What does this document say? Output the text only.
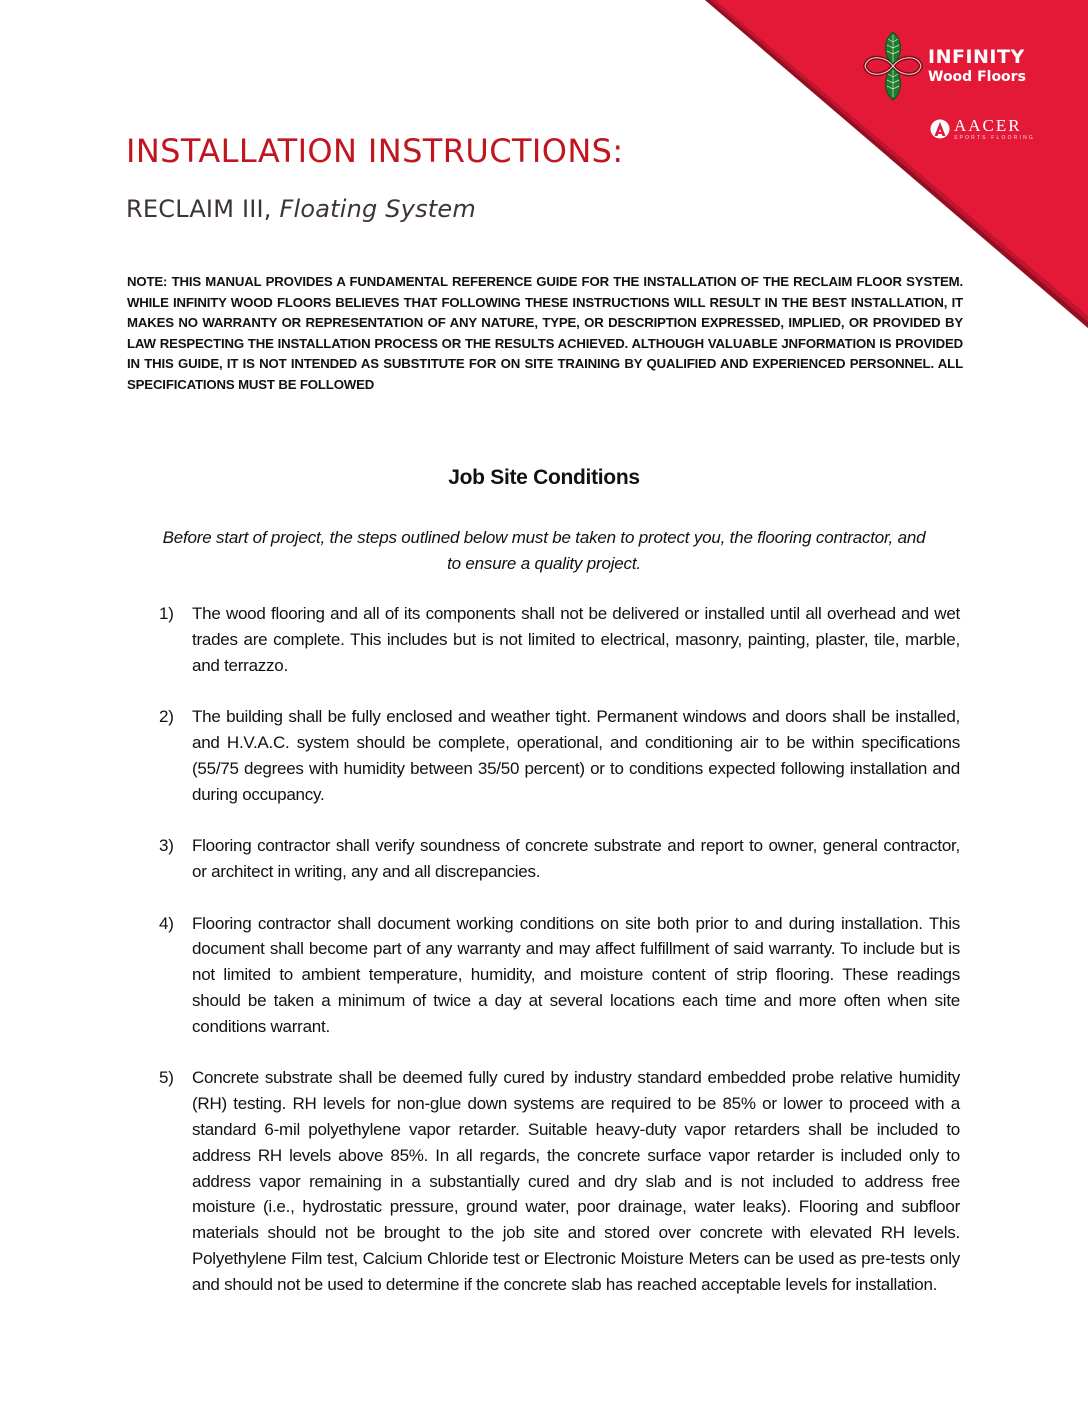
INFINITY
Wood Floors
AACER
SPORTS FLOORING
INSTALLATION INSTRUCTIONS:
RECLAIM III, Floating System

NOTE: THIS MANUAL PROVIDES A FUNDAMENTAL REFERENCE GUIDE FOR THE INSTALLATION OF THE RECLAIM FLOOR SYSTEM. WHILE INFINITY WOOD FLOORS BELIEVES THAT FOLLOWING THESE INSTRUCTIONS WILL RESULT IN THE BEST INSTALLATION, IT MAKES NO WARRANTY OR REPRESENTATION OF ANY NATURE, TYPE, OR DESCRIPTION EXPRESSED, IMPLIED, OR PROVIDED BY LAW RESPECTING THE INSTALLATION PROCESS OR THE RESULTS ACHIEVED. ALTHOUGH VALUABLE JNFORMATION IS PROVIDED IN THIS GUIDE, IT IS NOT INTENDED AS SUBSTITUTE FOR ON SITE TRAINING BY QUALIFIED AND EXPERIENCED PERSONNEL. ALL SPECIFICATIONS MUST BE FOLLOWED

Job Site Conditions

Before start of project, the steps outlined below must be taken to protect you, the flooring contractor, and to ensure a quality project.

1)	The wood flooring and all of its components shall not be delivered or installed until all overhead and wet trades are complete. This includes but is not limited to electrical, masonry, painting, plaster, tile, marble, and terrazzo.
2)	The building shall be fully enclosed and weather tight. Permanent windows and doors shall be installed, and H.V.A.C. system should be complete, operational, and conditioning air to be within specifications (55/75 degrees with humidity between 35/50 percent) or to conditions expected following installation and during occupancy.
3)	Flooring contractor shall verify soundness of concrete substrate and report to owner, general contractor, or architect in writing, any and all discrepancies.
4)	Flooring contractor shall document working conditions on site both prior to and during installation. This document shall become part of any warranty and may affect fulfillment of said warranty. To include but is not limited to ambient temperature, humidity, and moisture content of strip flooring. These readings should be taken a minimum of twice a day at several locations each time and more often when site conditions warrant.
5)	Concrete substrate shall be deemed fully cured by industry standard embedded probe relative humidity (RH) testing. RH levels for non-glue down systems are required to be 85% or lower to proceed with a standard 6-mil polyethylene vapor retarder. Suitable heavy-duty vapor retarders shall be included to address RH levels above 85%. In all regards, the concrete surface vapor retarder is included only to address vapor remaining in a substantially cured and dry slab and is not included to address free moisture (i.e., hydrostatic pressure, ground water, poor drainage, water leaks). Flooring and subfloor materials should not be brought to the job site and stored over concrete with elevated RH levels. Polyethylene Film test, Calcium Chloride test or Electronic Moisture Meters can be used as pre-tests only and should not be used to determine if the concrete slab has reached acceptable levels for installation.
